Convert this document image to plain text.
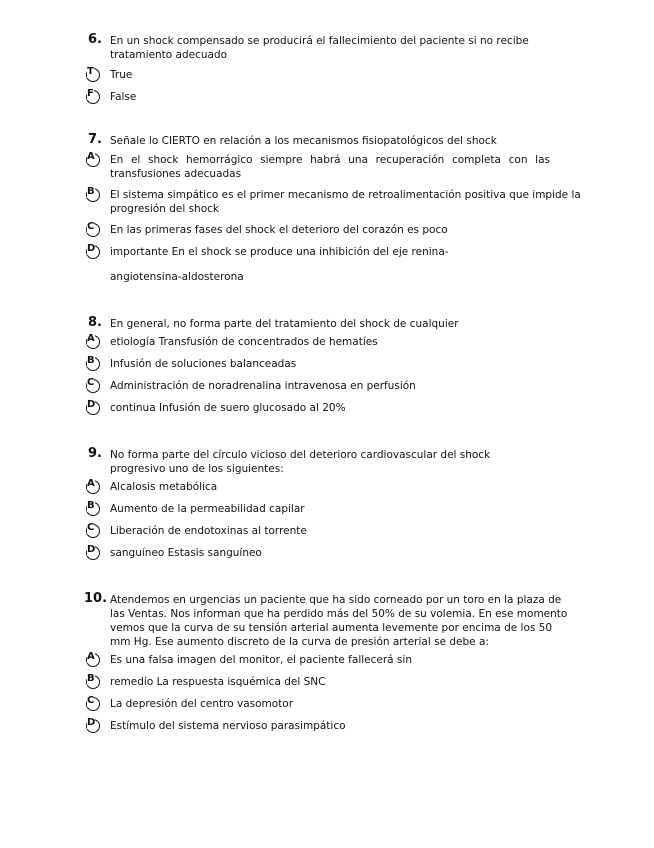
6. En un shock compensado se producirá el fallecimiento del paciente si no recibe tratamiento adecuado
T True
F False
7. Señale lo CIERTO en relación a los mecanismos fisiopatológicos del shock
A En el shock hemorrágico siempre habrá una recuperación completa con las transfusiones adecuadas
B El sistema simpático es el primer mecanismo de retroalimentación positiva que impide la progresión del shock
C En las primeras fases del shock el deterioro del corazón es poco
D importante En el shock se produce una inhibición del eje renina-
angiotensina-aldosterona
8. En general, no forma parte del tratamiento del shock de cualquier
A etiología Transfusión de concentrados de hematíes
B Infusión de soluciones balanceadas
C Administración de noradrenalina intravenosa en perfusión
D continua Infusión de suero glucosado al 20%
9. No forma parte del círculo vicioso del deterioro cardiovascular del shock progresivo uno de los siguientes:
A Alcalosis metabólica
B Aumento de la permeabilidad capilar
C Liberación de endotoxinas al torrente
D sanguíneo Estasis sanguíneo
10. Atendemos en urgencias un paciente que ha sido corneado por un toro en la plaza de las Ventas. Nos informan que ha perdido más del 50% de su volemia. En ese momento vemos que la curva de su tensión arterial aumenta levemente por encima de los 50 mm Hg. Ese aumento discreto de la curva de presión arterial se debe a:
A Es una falsa imagen del monitor, el paciente fallecerá sin
B remedio La respuesta isquémica del SNC
C La depresión del centro vasomotor
D Estímulo del sistema nervioso parasimpático
